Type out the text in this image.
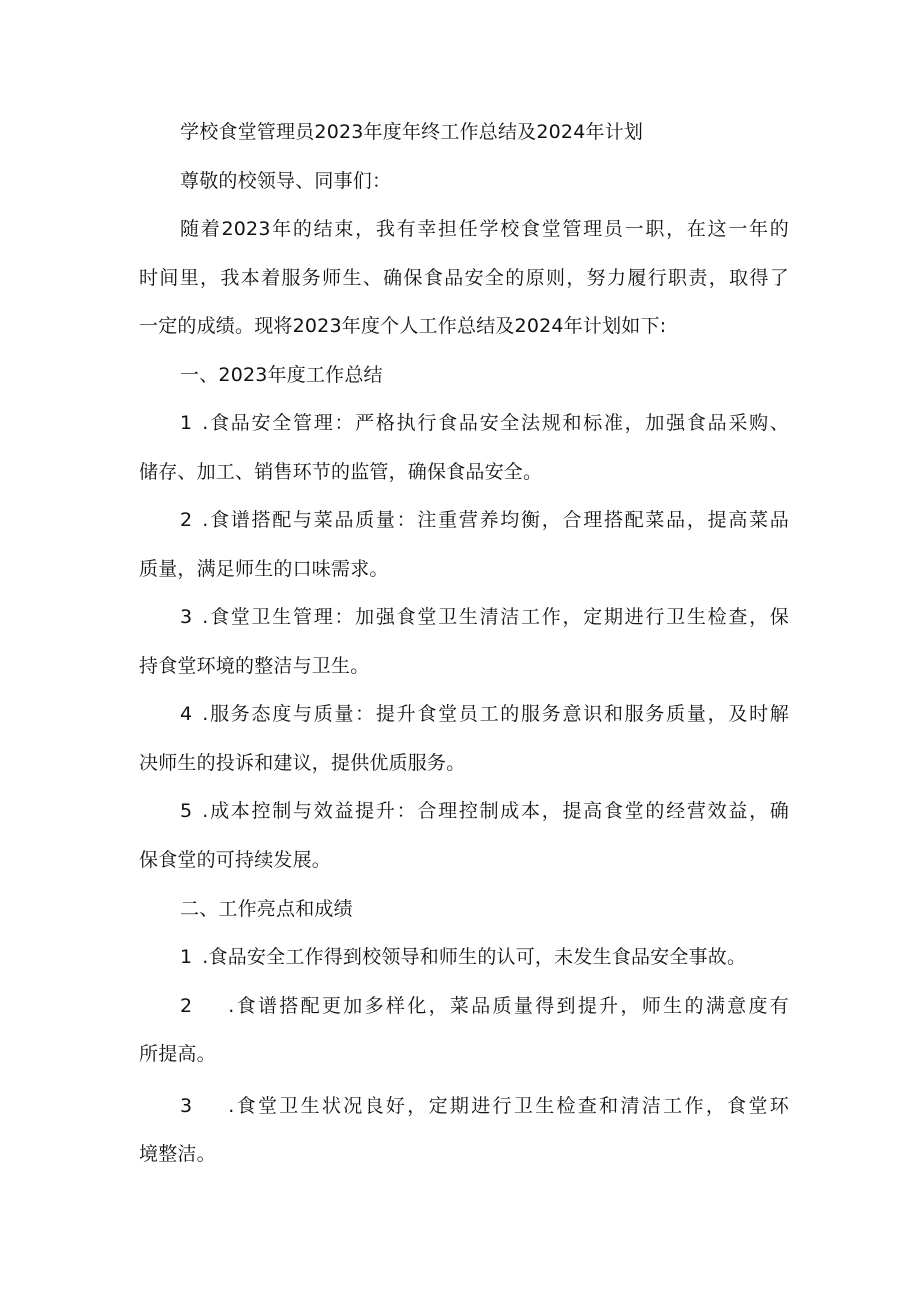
学校食堂管理员2023年度年终工作总结及2024年计划
尊敬的校领导、同事们：
随着2023年的结束，我有幸担任学校食堂管理员一职，在这一年的
时间里，我本着服务师生、确保食品安全的原则，努力履行职责，取得了
一定的成绩。现将2023年度个人工作总结及2024年计划如下:
一、2023年度工作总结
1 .食品安全管理：严格执行食品安全法规和标准，加强食品采购、
储存、加工、销售环节的监管，确保食品安全。
2 .食谱搭配与菜品质量：注重营养均衡，合理搭配菜品，提高菜品
质量，满足师生的口味需求。
3 .食堂卫生管理：加强食堂卫生清洁工作，定期进行卫生检查，保
持食堂环境的整洁与卫生。
4 .服务态度与质量：提升食堂员工的服务意识和服务质量，及时解
决师生的投诉和建议，提供优质服务。
5 .成本控制与效益提升：合理控制成本，提高食堂的经营效益，确
保食堂的可持续发展。
二、工作亮点和成绩
1 .食品安全工作得到校领导和师生的认可，未发生食品安全事故。
2 .食谱搭配更加多样化，菜品质量得到提升，师生的满意度有
所提高。
3 .食堂卫生状况良好，定期进行卫生检查和清洁工作，食堂环
境整洁。
